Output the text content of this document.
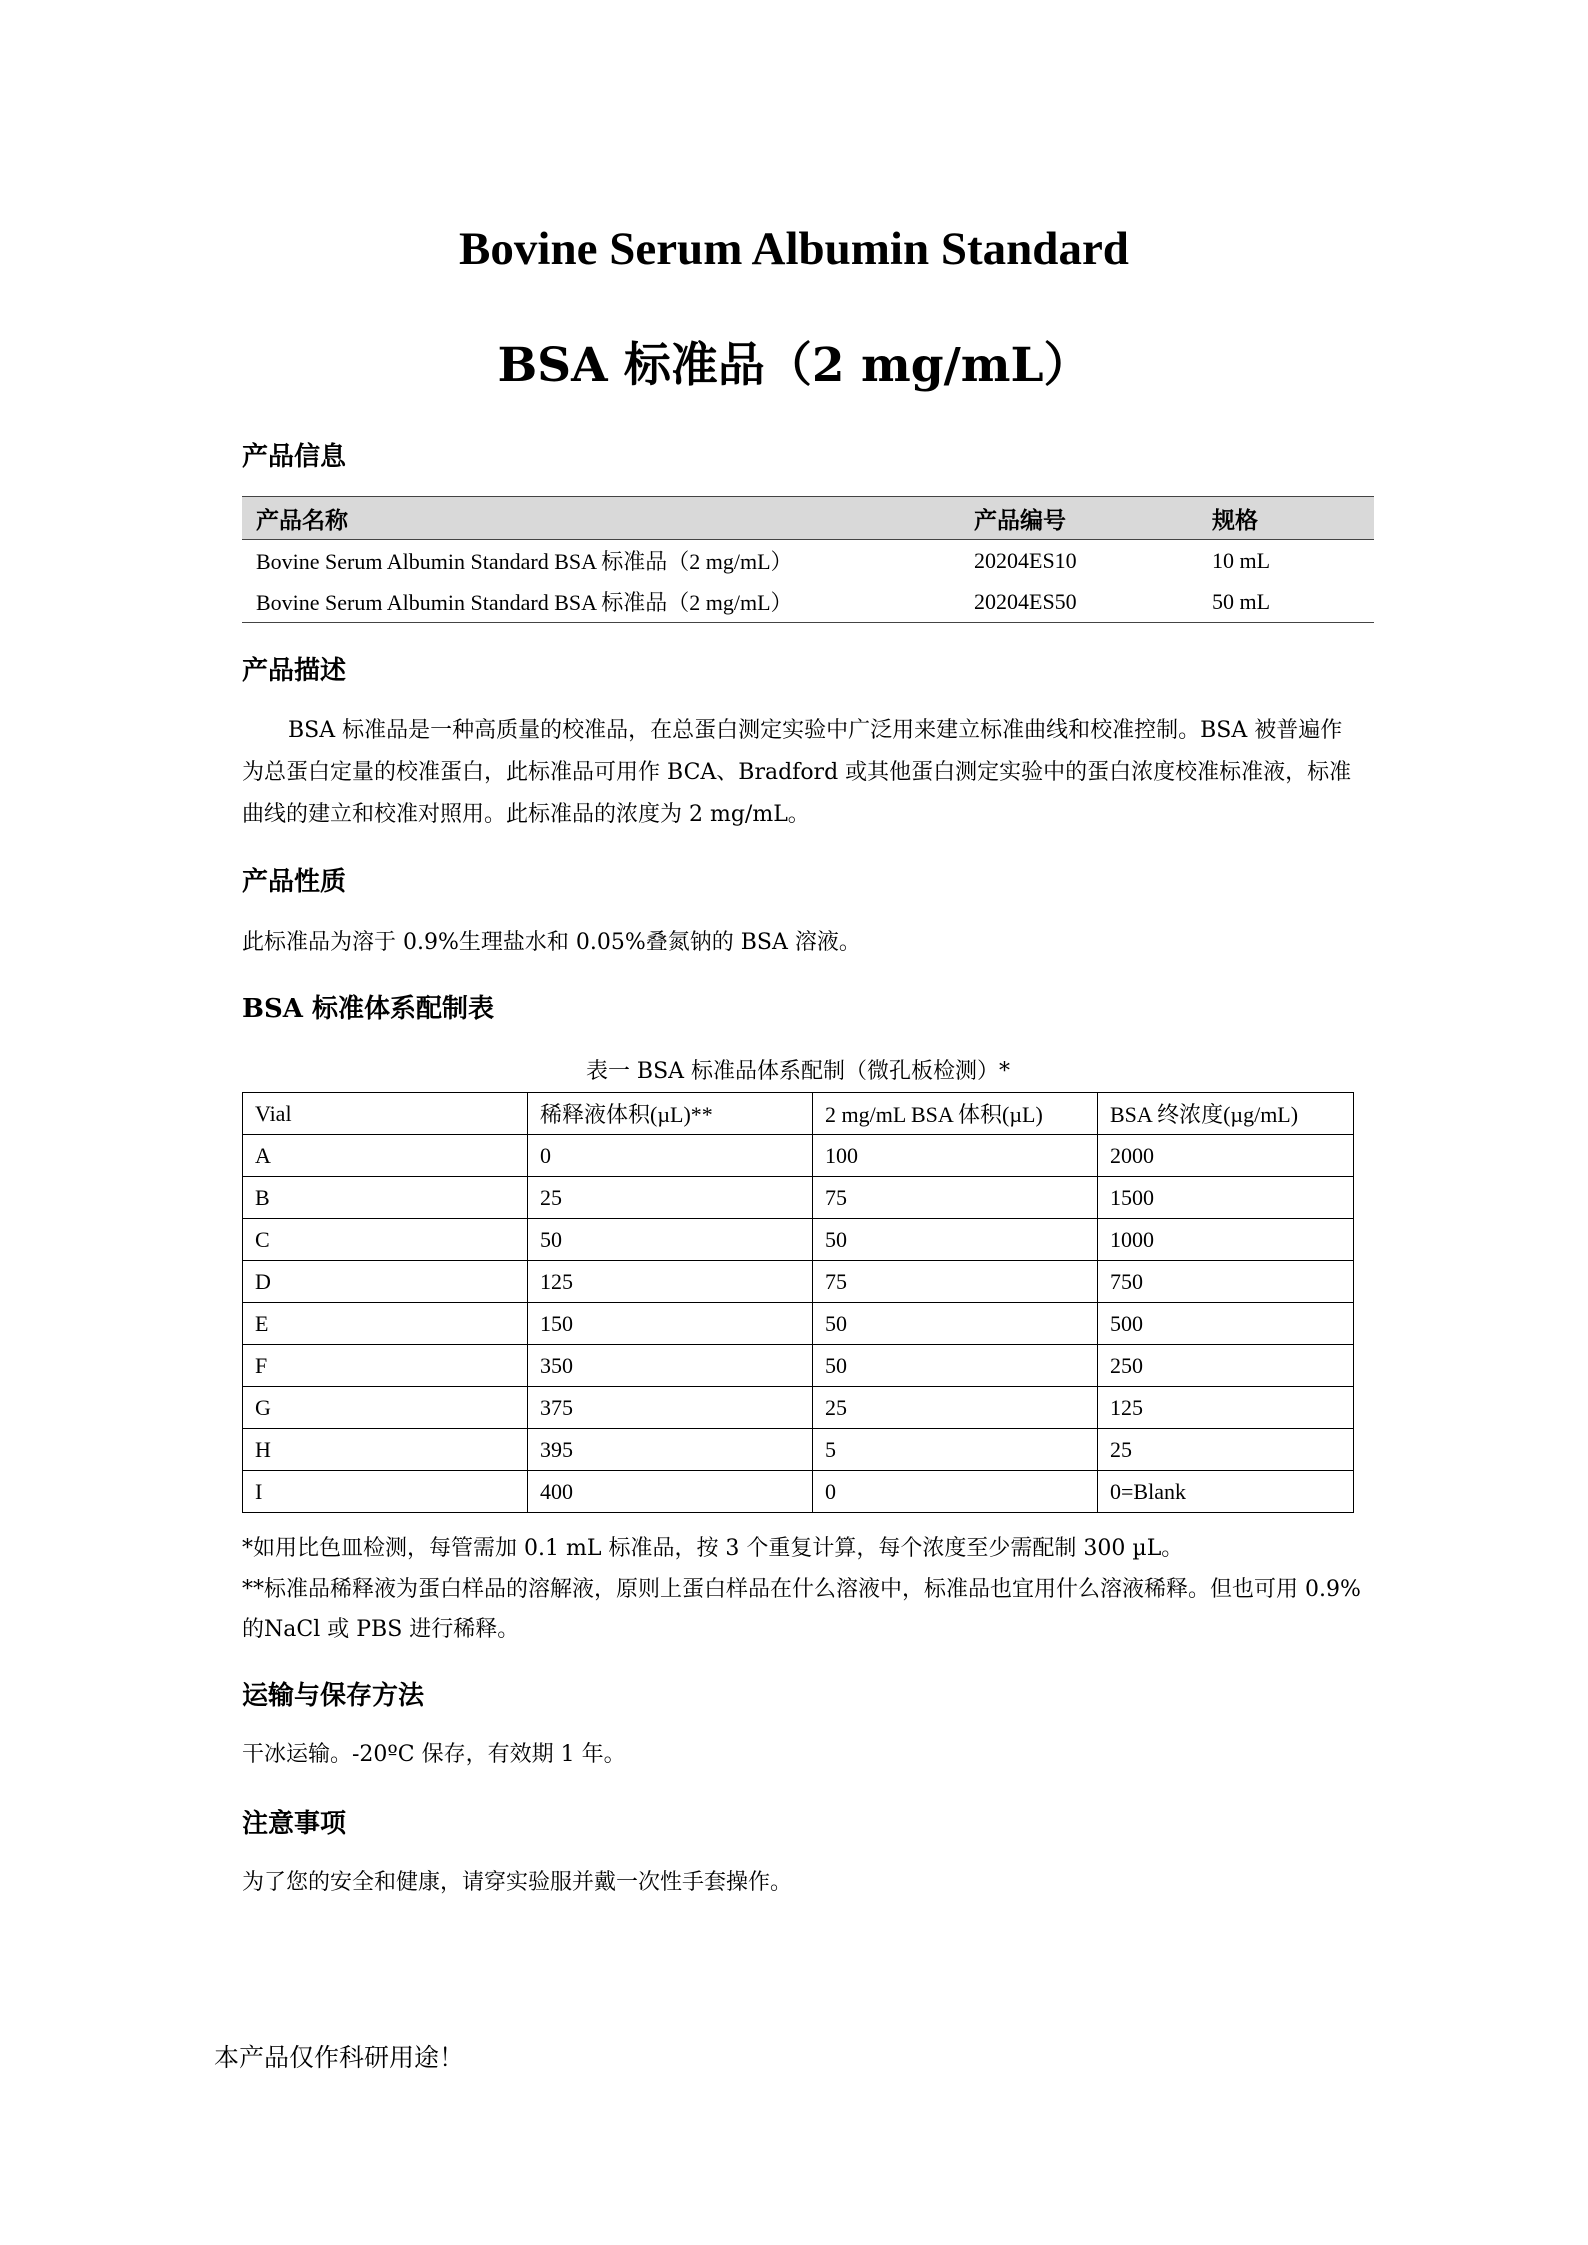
Bovine Serum Albumin Standard
BSA 标准品（2 mg/mL）
产品信息
产品名称	产品编号	规格
Bovine Serum Albumin Standard BSA 标准品（2 mg/mL）	20204ES10	10 mL
Bovine Serum Albumin Standard BSA 标准品（2 mg/mL）	20204ES50	50 mL
产品描述

BSA 标准品是一种高质量的校准品，在总蛋白测定实验中广泛用来建立标准曲线和校准控制。BSA 被普遍作为总蛋白定量的校准蛋白，此标准品可用作 BCA、Bradford 或其他蛋白测定实验中的蛋白浓度校准标准液，标准曲线的建立和校准对照用。此标准品的浓度为 2 mg/mL。

产品性质

此标准品为溶于 0.9%生理盐水和 0.05%叠氮钠的 BSA 溶液。

BSA 标准体系配制表

表一 BSA 标准品体系配制（微孔板检测）*

Vial	稀释液体积(µL)**	2 mg/mL BSA 体积(µL)	BSA 终浓度(µg/mL)
A	0	100	2000
B	25	75	1500
C	50	50	1000
D	125	75	750
E	150	50	500
F	350	50	250
G	375	25	125
H	395	5	25
I	400	0	0=Blank

*如用比色皿检测，每管需加 0.1 mL 标准品，按 3 个重复计算，每个浓度至少需配制 300 µL。

**标准品稀释液为蛋白样品的溶解液，原则上蛋白样品在什么溶液中，标准品也宜用什么溶液稀释。但也可用 0.9%的NaCl 或 PBS 进行稀释。

运输与保存方法

干冰运输。-20ºC 保存，有效期 1 年。

注意事项

为了您的安全和健康，请穿实验服并戴一次性手套操作。

本产品仅作科研用途！
